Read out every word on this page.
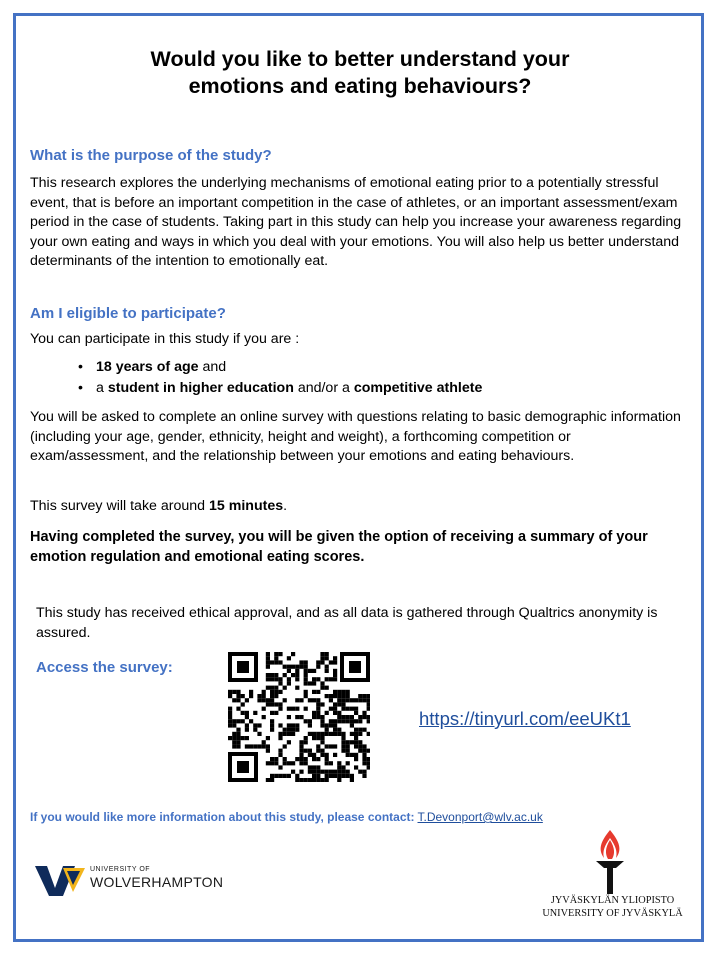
Would you like to better understand your
emotions and eating behaviours?
What is the purpose of the study?
This research explores the underlying mechanisms of emotional eating prior to a potentially stressful event, that is before an important competition in the case of athletes, or an important assessment/exam period in the case of students. Taking part in this study can help you increase your awareness regarding your own eating and ways in which you deal with your emotions. You will also help us better understand determinants of the intention to emotionally eat.
Am I eligible to participate?
You can participate in this study if you are :
• 18 years of age and
• a student in higher education and/or a competitive athlete
You will be asked to complete an online survey with questions relating to basic demographic information (including your age, gender, ethnicity, height and weight), a forthcoming competition or exam/assessment, and the relationship between your emotions and eating behaviours.
This survey will take around 15 minutes.
Having completed the survey, you will be given the option of receiving a summary of your emotion regulation and emotional eating scores.
This study has received ethical approval, and as all data is gathered through Qualtrics anonymity is assured.
Access the survey:
https://tinyurl.com/eeUKt1
If you would like more information about this study, please contact: T.Devonport@wlv.ac.uk
UNIVERSITY OF
WOLVERHAMPTON
JYVÄSKYLÄN YLIOPISTO
UNIVERSITY OF JYVÄSKYLÄ
